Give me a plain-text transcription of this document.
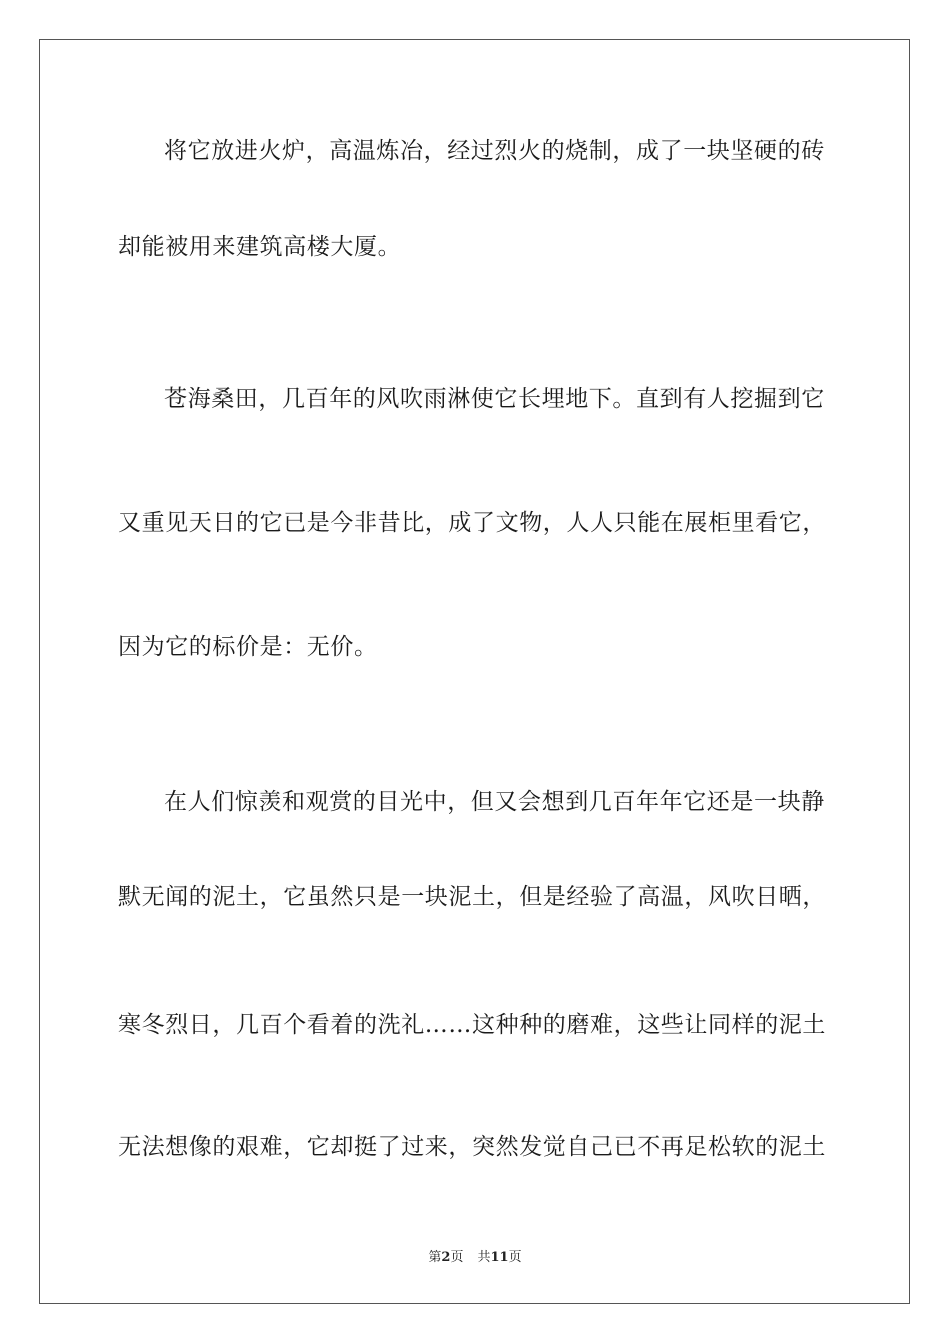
将它放进火炉，高温炼冶，经过烈火的烧制，成了一块坚硬的砖
却能被用来建筑高楼大厦。
苍海桑田，几百年的风吹雨淋使它长埋地下。直到有人挖掘到它
又重见天日的它已是今非昔比，成了文物，人人只能在展柜里看它，
因为它的标价是：无价。
在人们惊羡和观赏的目光中，但又会想到几百年年它还是一块静
默无闻的泥土，它虽然只是一块泥土，但是经验了高温，风吹日晒，
寒冬烈日，几百个看着的洗礼……这种种的磨难，这些让同样的泥土
无法想像的艰难，它却挺了过来，突然发觉自己已不再足松软的泥土
第2页 共11页
